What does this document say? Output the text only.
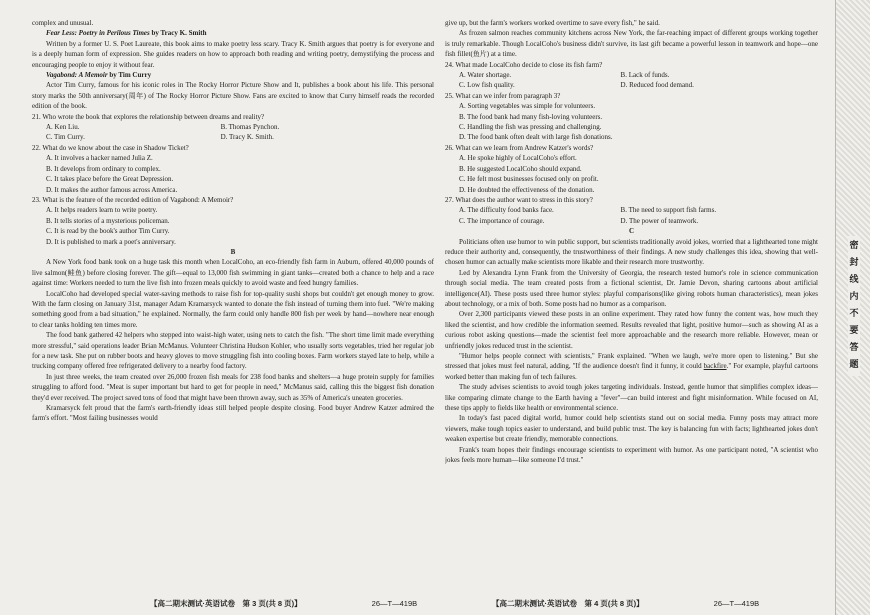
complex and unusual.

Fear Less: Poetry in Perilous Times by Tracy K. Smith

Written by a former U. S. Poet Laureate, this book aims to make poetry less scary. Tracy K. Smith argues that poetry is for everyone and is a deeply human form of expression. She guides readers on how to approach both reading and writing poetry, demystifying the process and encouraging people to enjoy it without fear.

Vagabond: A Memoir by Tim Curry

Actor Tim Curry, famous for his iconic roles in The Rocky Horror Picture Show and It, publishes a book about his life. This personal story marks the 50th anniversary(周年) of The Rocky Horror Picture Show. Fans are excited to know that Curry himself reads the recorded edition of the book.

21. Who wrote the book that explores the relationship between dreams and reality?

A. Ken Liu.	B. Thomas Pynchon.
C. Tim Curry.	D. Tracy K. Smith.

22. What do we know about the case in Shadow Ticket?

A. It involves a hacker named Julia Z.

B. It develops from ordinary to complex.

C. It takes place before the Great Depression.

D. It makes the author famous across America.

23. What is the feature of the recorded edition of Vagabond: A Memoir?

A. It helps readers learn to write poetry.

B. It tells stories of a mysterious policeman.

C. It is read by the book's author Tim Curry.

D. It is published to mark a poet's anniversary.

B

A New York food bank took on a huge task this month when LocalCoho, an eco-friendly fish farm in Auburn, offered 40,000 pounds of live salmon(鲑鱼) before closing forever. The gift—equal to 13,000 fish swimming in giant tanks—created both a chance to help and a race against time: Workers needed to turn the live fish into frozen meals quickly to avoid waste and feed hungry families.

LocalCoho had developed special water-saving methods to raise fish for top-quality sushi shops but couldn't get enough money to grow. With the farm closing on January 31st, manager Adam Kramarsyck wanted to donate the fish instead of turning them into fuel. "We're making something good from a bad situation," he explained. Normally, the farm could only handle 800 fish per week by hand—nowhere near enough to clear tanks holding ten times more.

The food bank gathered 42 helpers who stepped into waist-high water, using nets to catch the fish. "The short time limit made everything more stressful," said operations leader Brian McManus. Volunteer Christina Hudson Kohler, who usually sorts vegetables, tried her regular job for a new task. She put on rubber boots and heavy gloves to move struggling fish into cooling boxes. Farm workers stayed late to help, while a trucking company offered free refrigerated delivery to a nearby food factory.

In just three weeks, the team created over 26,000 frozen fish meals for 238 food banks and shelters—a huge protein supply for families struggling to afford food. "Meat is super important but hard to get for people in need," McManus said, calling this the biggest fish donation they'd ever received. The project saved tons of food that might have been thrown away, such as 35% of America's uneaten groceries.

Kramarsyck felt proud that the farm's earth-friendly ideas still helped people despite closing. Food buyer Andrew Katzer admired the farm's effort. "Most failing businesses would

【高二期末测试·英语试卷　第 3 页(共 8 页)】	26—T—419B

give up, but the farm's workers worked overtime to save every fish," he said.

As frozen salmon reaches community kitchens across New York, the far-reaching impact of different groups working together is truly remarkable. Though LocalCoho's business didn't survive, its last gift became a powerful lesson in teamwork and hope—one fish fillet(鱼片) at a time.

24. What made LocalCoho decide to close its fish farm?

A. Water shortage.	B. Lack of funds.
C. Low fish quality.	D. Reduced food demand.

25. What can we infer from paragraph 3?

A. Sorting vegetables was simple for volunteers.

B. The food bank had many fish-loving volunteers.

C. Handling the fish was pressing and challenging.

D. The food bank often dealt with large fish donations.

26. What can we learn from Andrew Katzer's words?

A. He spoke highly of LocalCoho's effort.

B. He suggested LocalCoho should expand.

C. He felt most businesses focused only on profit.

D. He doubted the effectiveness of the donation.

27. What does the author want to stress in this story?

A. The difficulty food banks face.	B. The need to support fish farms.
C. The importance of courage.	D. The power of teamwork.

C

Politicians often use humor to win public support, but scientists traditionally avoid jokes, worried that a lighthearted tone might reduce their authority and, consequently, the trustworthiness of their findings. A new study challenges this idea, showing that well-chosen humor can actually make scientists more likable and their research more trustworthy.

Led by Alexandra Lynn Frank from the University of Georgia, the research tested humor's role in science communication through social media. The team created posts from a fictional scientist, Dr. Jamie Devon, sharing cartoons about artificial intelligence(AI). These posts used three humor styles: playful comparisons(like giving robots human characteristics), mean jokes about technology, or a mix of both. Some posts had no humor as a comparison.

Over 2,300 participants viewed these posts in an online experiment. They rated how funny the content was, how much they liked the scientist, and how credible the information seemed. Results revealed that light, positive humor—such as showing AI as a curious robot asking questions—made the scientist feel more approachable and the research more reliable. However, mean or unfriendly jokes reduced trust in the scientist.

"Humor helps people connect with scientists," Frank explained. "When we laugh, we're more open to listening." But she stressed that jokes must feel natural, adding, "If the audience doesn't find it funny, it could backfire." For example, playful cartoons worked better than making fun of tech failures.

The study advises scientists to avoid tough jokes targeting individuals. Instead, gentle humor that simplifies complex ideas—like comparing climate change to the Earth having a "fever"—can build interest and fight misinformation. While focused on AI, these tips apply to fields like health or environmental science.

In today's fast paced digital world, humor could help scientists stand out on social media. Funny posts may attract more viewers, make tough topics easier to understand, and build public trust. The key is balancing fun with facts; lighthearted jokes don't weaken expertise but create friendly, memorable connections.

Frank's team hopes their findings encourage scientists to experiment with humor. As one participant noted, "A scientist who jokes feels more human—like someone I'd trust."

【高二期末测试·英语试卷　第 4 页(共 8 页)】	26—T—419B
密 封 线 内 不 要 答 题
